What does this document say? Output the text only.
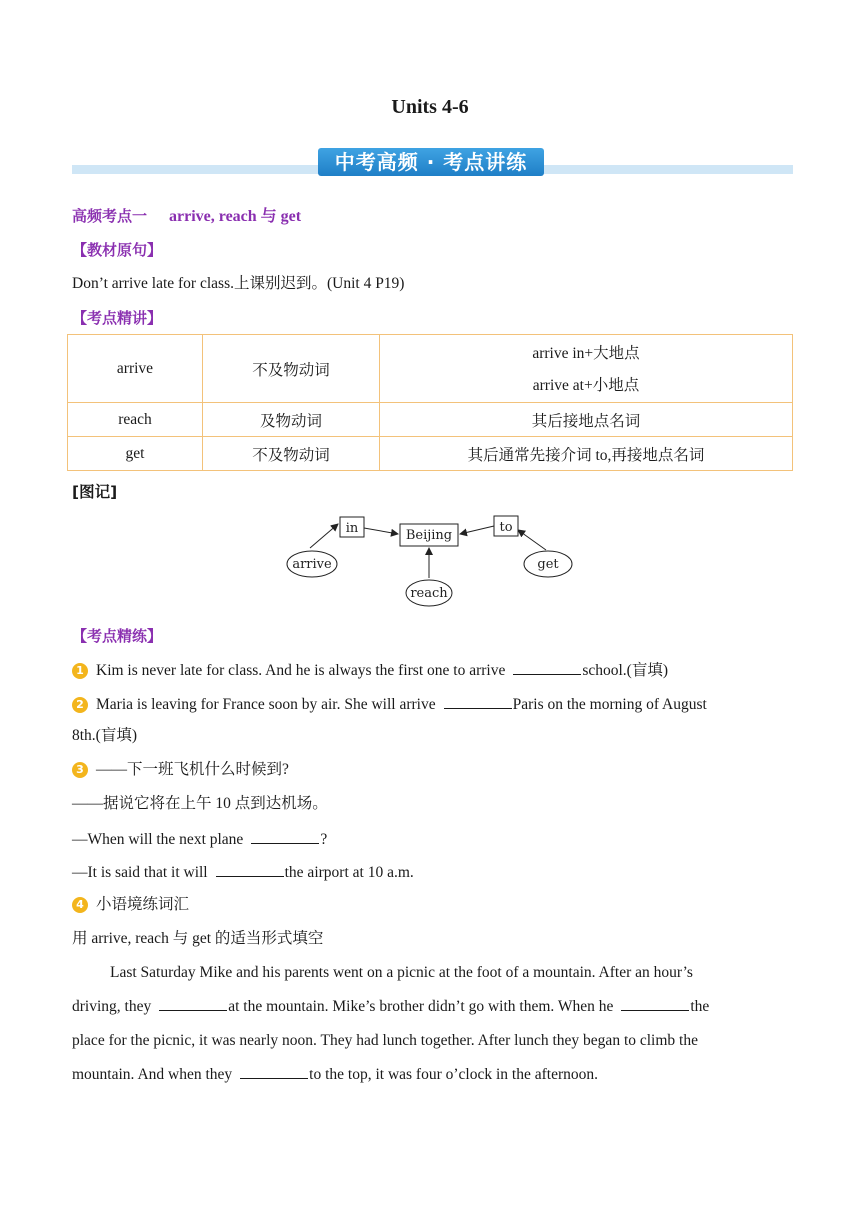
Units 4-6
中考高频 · 考点讲练
高频考点一 arrive, reach 与 get
【教材原句】
Don’t arrive late for class.上课别迟到。(Unit 4 P19)
【考点精讲】
arrive	不及物动词	arrive in+大地点
arrive at+小地点

reach	及物动词	其后接地点名词
get	不及物动词	其后通常先接介词 to,再接地点名词
[图记]
in	Beijing
to
arrive	get
reach
【考点精练】
1 Kim is never late for class. And he is always the first one to arrive	school.(盲填)
2 Maria is leaving for France soon by air. She will arrive	Paris on the morning of August
8th.(盲填)
3 ——下一班飞机什么时候到?
——据说它将在上午 10 点到达机场。
—When will the next plane	?
—It is said that it will	the airport at 10 a.m.
4 小语境练词汇
用 arrive, reach 与 get 的适当形式填空
Last Saturday Mike and his parents went on a picnic at the foot of a mountain. After an hour’s
driving, they	at the mountain. Mike’s brother didn’t go with them. When he	the
place for the picnic, it was nearly noon. They had lunch together. After lunch they began to climb the
mountain. And when they	to the top, it was four o’clock in the afternoon.
